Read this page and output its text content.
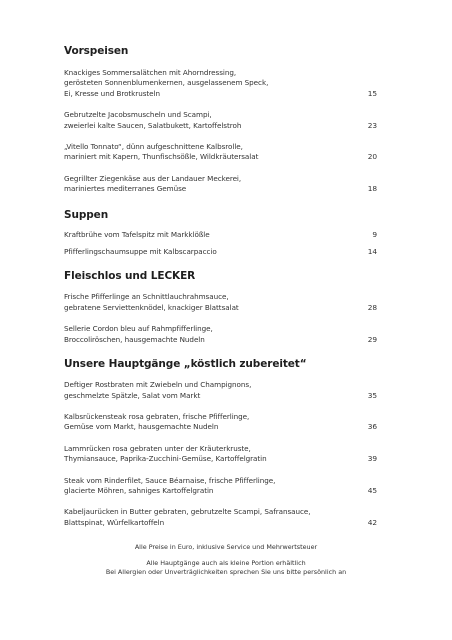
Vorspeisen
Knackiges Sommersalätchen mit Ahorndressing,
gerösteten Sonnenblumenkernen, ausgelassenem Speck,
Ei, Kresse und Brotkrusteln	15
Gebrutzelte Jacobsmuscheln und Scampi,
zweierlei kalte Saucen, Salatbukett, Kartoffelstroh	23
„Vitello Tonnato“, dünn aufgeschnittene Kalbsrolle,
mariniert mit Kapern, Thunfischsößle, Wildkräutersalat	20
Gegrillter Ziegenkäse aus der Landauer Meckerei,
mariniertes mediterranes Gemüse	18
Suppen
Kraftbrühe vom Tafelspitz mit Markklößle	9
Pfifferlingschaumsuppe mit Kalbscarpaccio	14
Fleischlos und LECKER
Frische Pfifferlinge an Schnittlauchrahmsauce,
gebratene Serviettenknödel, knackiger Blattsalat	28
Sellerie Cordon bleu auf Rahmpfifferlinge,
Broccoliröschen, hausgemachte Nudeln	29
Unsere Hauptgänge „köstlich zubereitet“
Deftiger Rostbraten mit Zwiebeln und Champignons,
geschmelzte Spätzle, Salat vom Markt	35
Kalbsrückensteak rosa gebraten, frische Pfifferlinge,
Gemüse vom Markt, hausgemachte Nudeln	36
Lammrücken rosa gebraten unter der Kräuterkruste,
Thymiansauce, Paprika-Zucchini-Gemüse, Kartoffelgratin	39
Steak vom Rinderfilet, Sauce Béarnaise, frische Pfifferlinge,
glacierte Möhren, sahniges Kartoffelgratin	45
Kabeljaurücken in Butter gebraten, gebrutzelte Scampi, Safransauce,
Blattspinat, Würfelkartoffeln	42
Alle Preise in Euro, inklusive Service und Mehrwertsteuer
Alle Hauptgänge auch als kleine Portion erhältlich
Bei Allergien oder Unverträglichkeiten sprechen Sie uns bitte persönlich an
